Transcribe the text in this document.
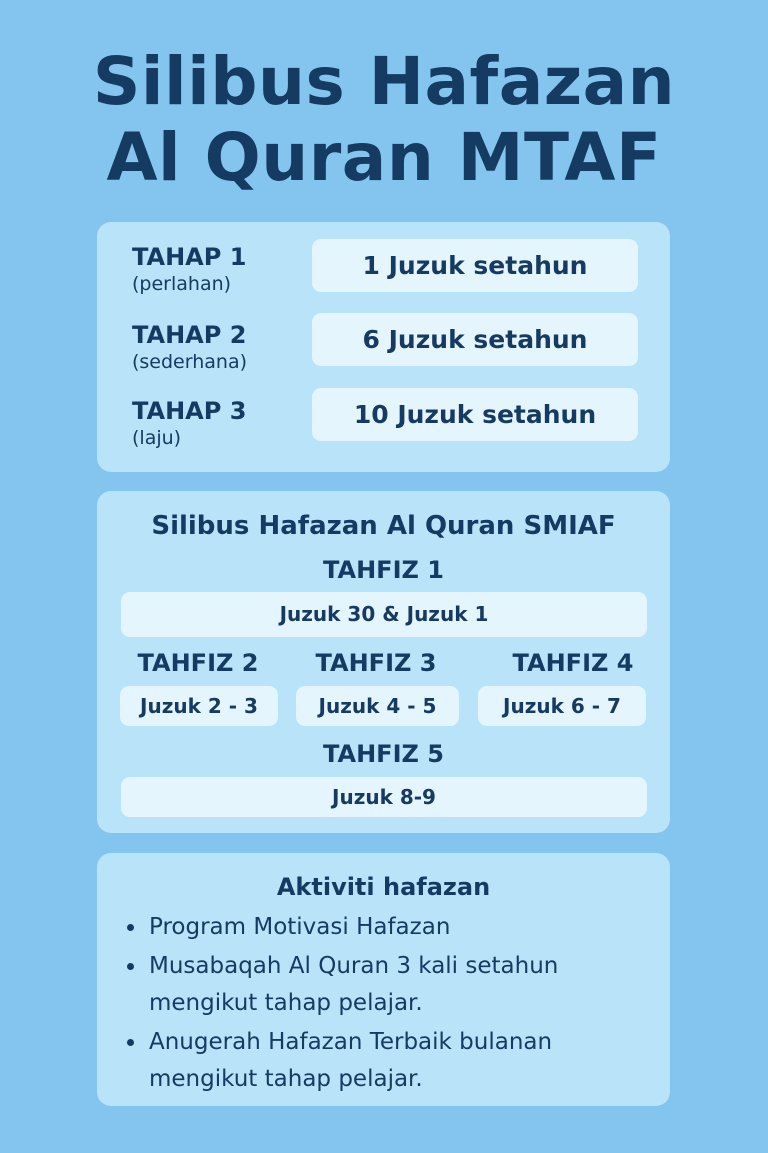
Silibus Hafazan
Al Quran MTAF
TAHAP 1
(perlahan)
1 Juzuk setahun
TAHAP 2
(sederhana)
6 Juzuk setahun
TAHAP 3
(laju)
10 Juzuk setahun
Silibus Hafazan Al Quran SMIAF
TAHFIZ 1
Juzuk 30 & Juzuk 1
TAHFIZ 2
Juzuk 2 - 3
TAHFIZ 3
Juzuk 4 - 5
TAHFIZ 4
Juzuk 6 - 7
TAHFIZ 5
Juzuk 8-9
Aktiviti hafazan
Program Motivasi Hafazan
Musabaqah Al Quran 3 kali setahun mengikut tahap pelajar.
Anugerah Hafazan Terbaik bulanan mengikut tahap pelajar.
